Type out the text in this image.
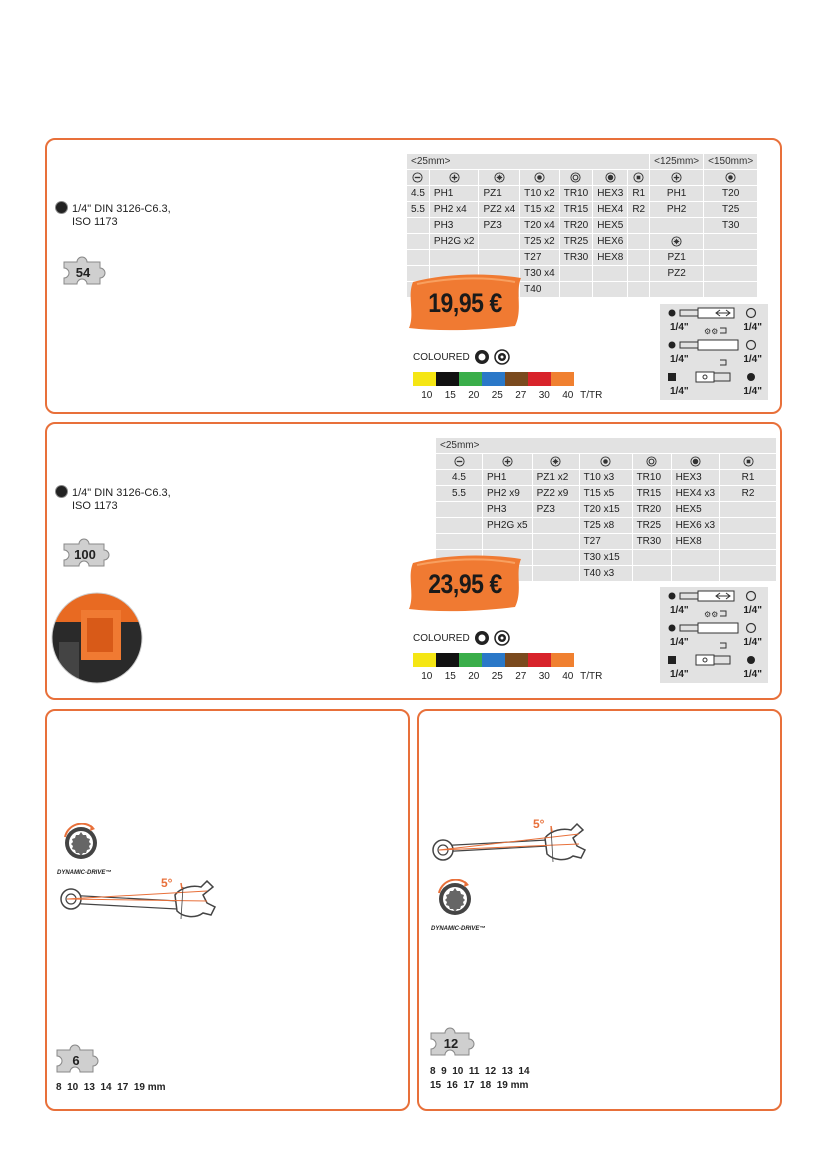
1/4" DIN 3126-C6.3,
ISO 1173
54
<25mm>							<125mm>	<150mm>

4.5	PH1	PZ1	T10 x2	TR10	HEX3	R1	PH1	T20
5.5	PH2 x4	PZ2 x4	T15 x2	TR15	HEX4	R2	PH2	T25
	PH3	PZ3	T20 x4	TR20	HEX5			T30
	PH2G x2		T25 x2	TR25	HEX6			
			T27	TR30	HEX8		PZ1	
			T30 x4				PZ2	
			T40					
19,95 €
COLOURED
10	15	20	25	27	30	40 T/TR
⚙⚙
1/4"	1/4"
1/4"	1/4"
1/4"	1/4"
1/4" DIN 3126-C6.3,
ISO 1173
100
<25mm>						

4.5	PH1	PZ1 x2	T10 x3	TR10	HEX3	R1
5.5	PH2 x9	PZ2 x9	T15 x5	TR15	HEX4 x3	R2
	PH3	PZ3	T20 x15	TR20	HEX5	
	PH2G x5		T25 x8	TR25	HEX6 x3	
			T27	TR30	HEX8	
			T30 x15			
			T40 x3			
23,95 €
COLOURED
10	15	20	25	27	30	40 T/TR
⚙⚙
1/4"	1/4"
1/4"	1/4"
1/4"	1/4"
DYNAMIC-DRIVE™
5°
6
8  10  13  14  17  19 mm
5°
DYNAMIC-DRIVE™
12
8  9  10  11  12  13  14
15  16  17  18  19 mm
